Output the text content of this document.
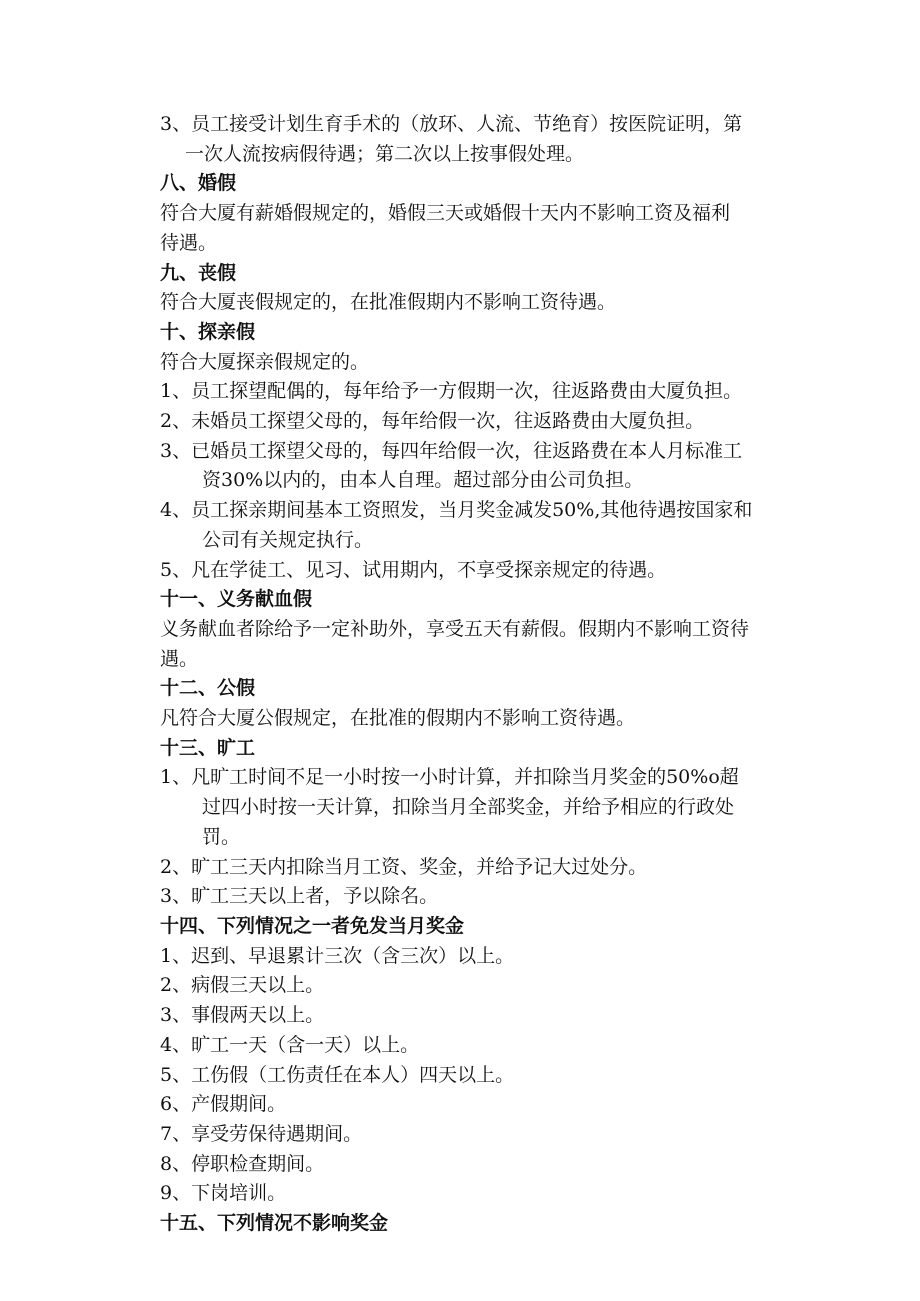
3、员工接受计划生育手术的（放环、人流、节绝育）按医院证明，第
一次人流按病假待遇；第二次以上按事假处理。
八、婚假
符合大厦有薪婚假规定的，婚假三天或婚假十天内不影响工资及福利
待遇。
九、丧假
符合大厦丧假规定的，在批准假期内不影响工资待遇。
十、探亲假
符合大厦探亲假规定的。
1、员工探望配偶的，每年给予一方假期一次，往返路费由大厦负担。
2、未婚员工探望父母的，每年给假一次，往返路费由大厦负担。
3、已婚员工探望父母的，每四年给假一次，往返路费在本人月标准工
资30%以内的，由本人自理。超过部分由公司负担。
4、员工探亲期间基本工资照发，当月奖金减发50%,其他待遇按国家和
公司有关规定执行。
5、凡在学徒工、见习、试用期内，不享受探亲规定的待遇。
十一、义务献血假
义务献血者除给予一定补助外，享受五天有薪假。假期内不影响工资待
遇。
十二、公假
凡符合大厦公假规定，在批准的假期内不影响工资待遇。
十三、旷工
1、凡旷工时间不足一小时按一小时计算，并扣除当月奖金的50%o超
过四小时按一天计算，扣除当月全部奖金，并给予相应的行政处
罚。
2、旷工三天内扣除当月工资、奖金，并给予记大过处分。
3、旷工三天以上者，予以除名。
十四、下列情况之一者免发当月奖金
1、迟到、早退累计三次（含三次）以上。
2、病假三天以上。
3、事假两天以上。
4、旷工一天（含一天）以上。
5、工伤假（工伤责任在本人）四天以上。
6、产假期间。
7、享受劳保待遇期间。
8、停职检查期间。
9、下岗培训。
十五、下列情况不影响奖金
